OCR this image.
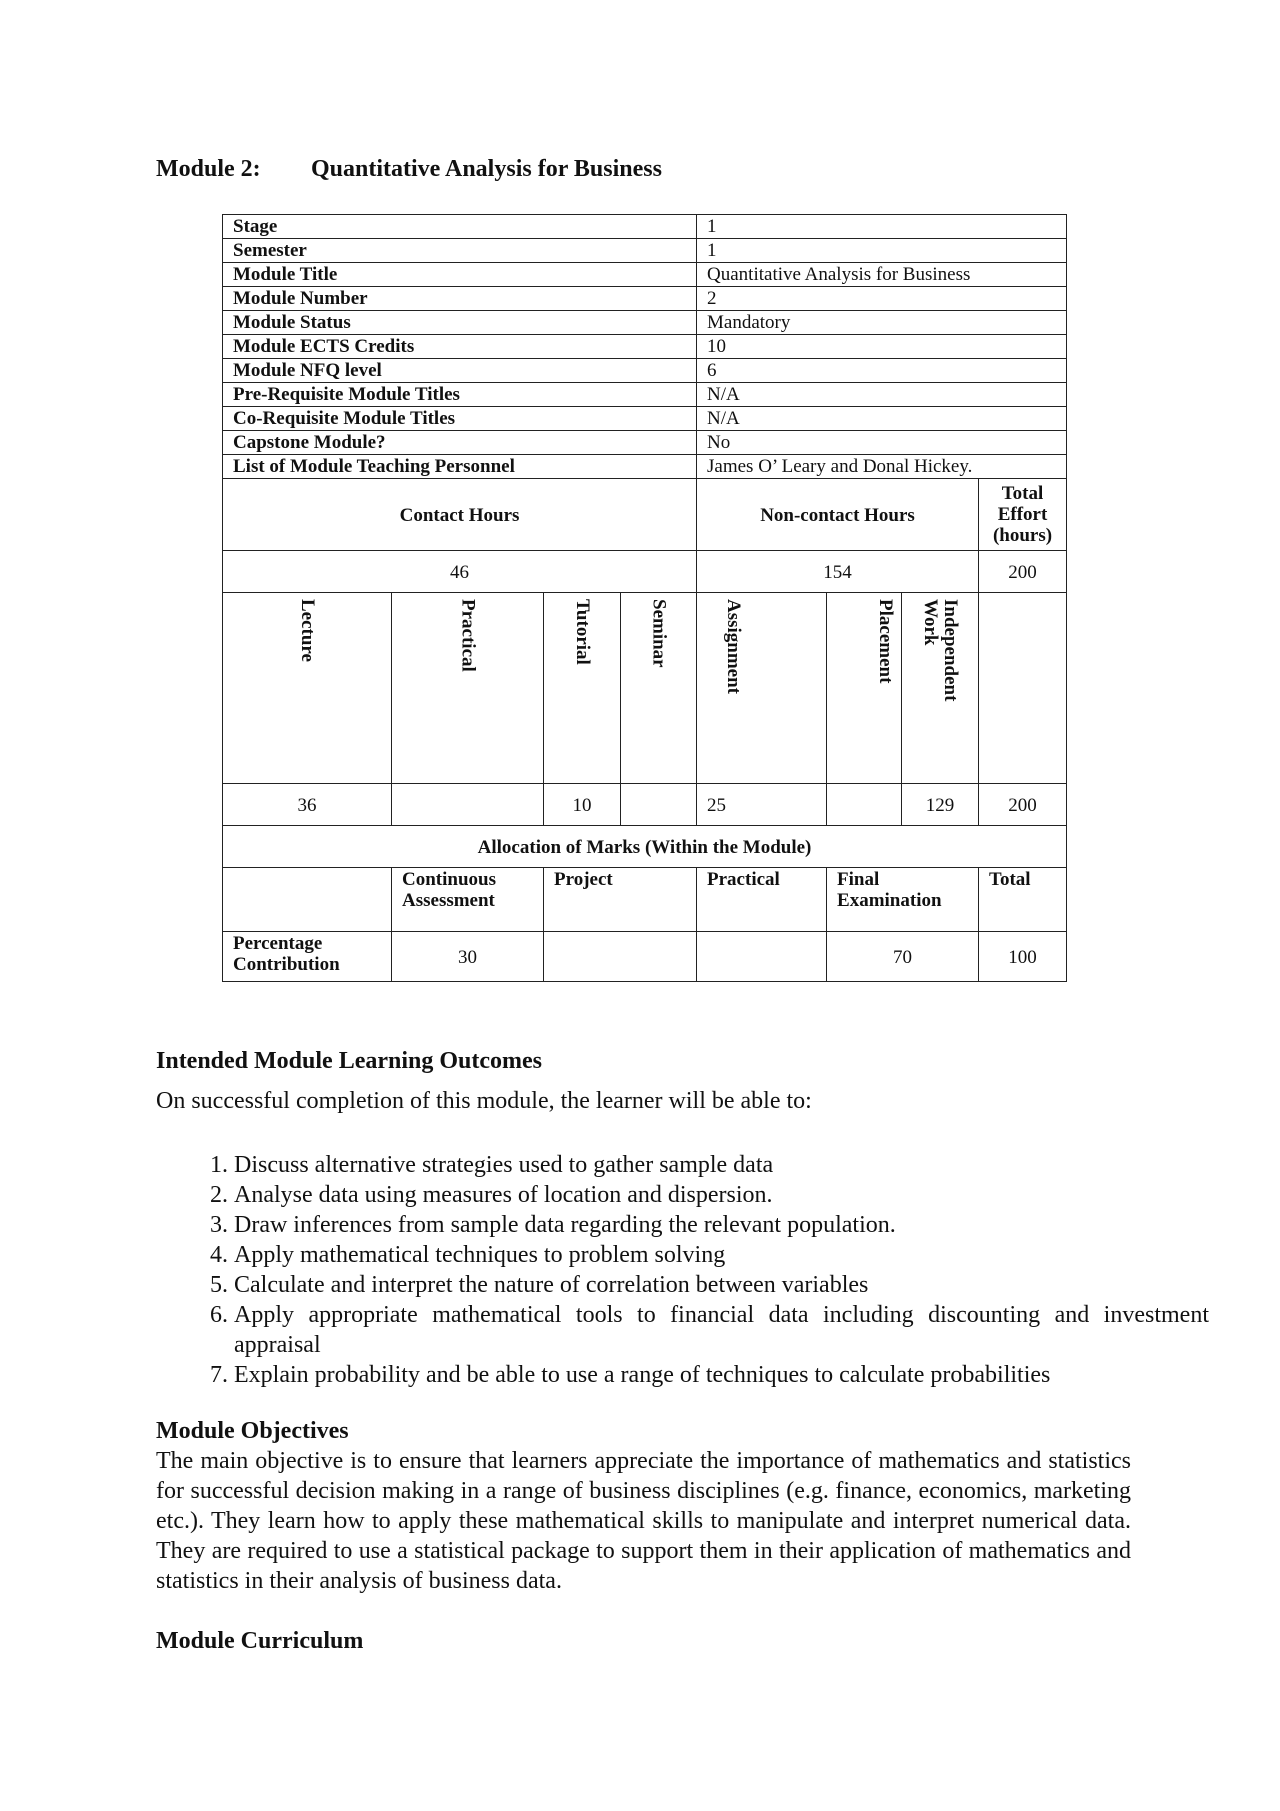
Module 2: Quantitative Analysis for Business
Stage				1			
Semester				1			
Module Title				Quantitative Analysis for Business			
Module Number				2			
Module Status				Mandatory			
Module ECTS Credits				10			
Module NFQ level				6			
Pre-Requisite Module Titles				N/A			
Co-Requisite Module Titles				N/A			
Capstone Module?				No			
List of Module Teaching Personnel				James O’ Leary and Donal Hickey.			
Contact Hours				Non-contact Hours			Total Effort (hours)
46				154			200

Lecture	Practical	Tutorial	Seminar	Assignment	Placement	Independent Work	

36		10		25		129	200
Allocation of Marks (Within the Module)							
	Continuous Assessment	Project		Practical	Final Examination		Total
Percentage Contribution	30				70		100
Intended Module Learning Outcomes

On successful completion of this module, the learner will be able to:

1. Discuss alternative strategies used to gather sample data
2. Analyse data using measures of location and dispersion.
3. Draw inferences from sample data regarding the relevant population.
4. Apply mathematical techniques to problem solving
5. Calculate and interpret the nature of correlation between variables
6. Apply appropriate mathematical tools to financial data including discounting and investment appraisal
7. Explain probability and be able to use a range of techniques to calculate probabilities
Module Objectives

The main objective is to ensure that learners appreciate the importance of mathematics and statistics for successful decision making in a range of business disciplines (e.g. finance, economics, marketing etc.). They learn how to apply these mathematical skills to manipulate and interpret numerical data. They are required to use a statistical package to support them in their application of mathematics and statistics in their analysis of business data.

Module Curriculum
